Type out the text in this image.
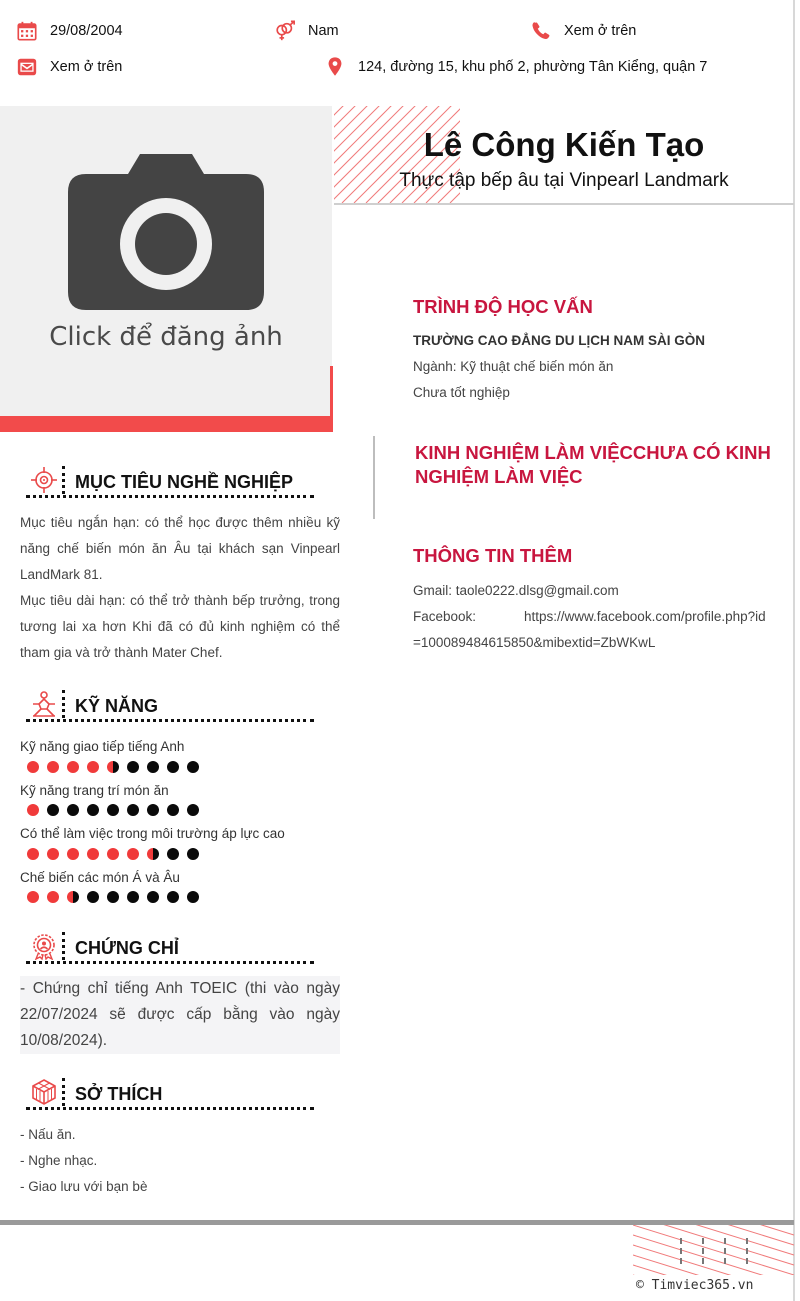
29/08/2004	Nam	Xem ở trên
Xem ở trên	124, đường 15, khu phố 2, phường Tân Kiểng, quận 7
Click để đăng ảnh
Lê Công Kiến Tạo
Thực tập bếp âu tại Vinpearl Landmark
MỤC TIÊU NGHỀ NGHIỆP
Mục tiêu ngắn hạn: có thể học được thêm nhiều kỹ năng chế biến món ăn Âu tại khách sạn Vinpearl LandMark 81.
Mục tiêu dài hạn: có thể trở thành bếp trưởng, trong tương lai xa hơn Khi đã có đủ kinh nghiệm có thể tham gia và trở thành Mater Chef.
KỸ NĂNG
Kỹ năng giao tiếp tiếng Anh
Kỹ năng trang trí món ăn
Có thể làm việc trong môi trường áp lực cao
Chế biến các món Á và Âu
CHỨNG CHỈ
- Chứng chỉ tiếng Anh TOEIC (thi vào ngày 22/07/2024 sẽ được cấp bằng vào ngày 10/08/2024).
SỞ THÍCH
- Nấu ăn.
- Nghe nhạc.
- Giao lưu với bạn bè
TRÌNH ĐỘ HỌC VẤN
TRƯỜNG CAO ĐẲNG DU LỊCH NAM SÀI GÒN
Ngành: Kỹ thuật chế biến món ăn
Chưa tốt nghiệp
KINH NGHIỆM LÀM VIỆCCHƯA CÓ KINH NGHIỆM LÀM VIỆC
THÔNG TIN THÊM
Gmail: taole0222.dlsg@gmail.com
Facebook:	https://www.facebook.com/profile.php?id=100089484615850&mibextid=ZbWKwL
© Timviec365.vn
